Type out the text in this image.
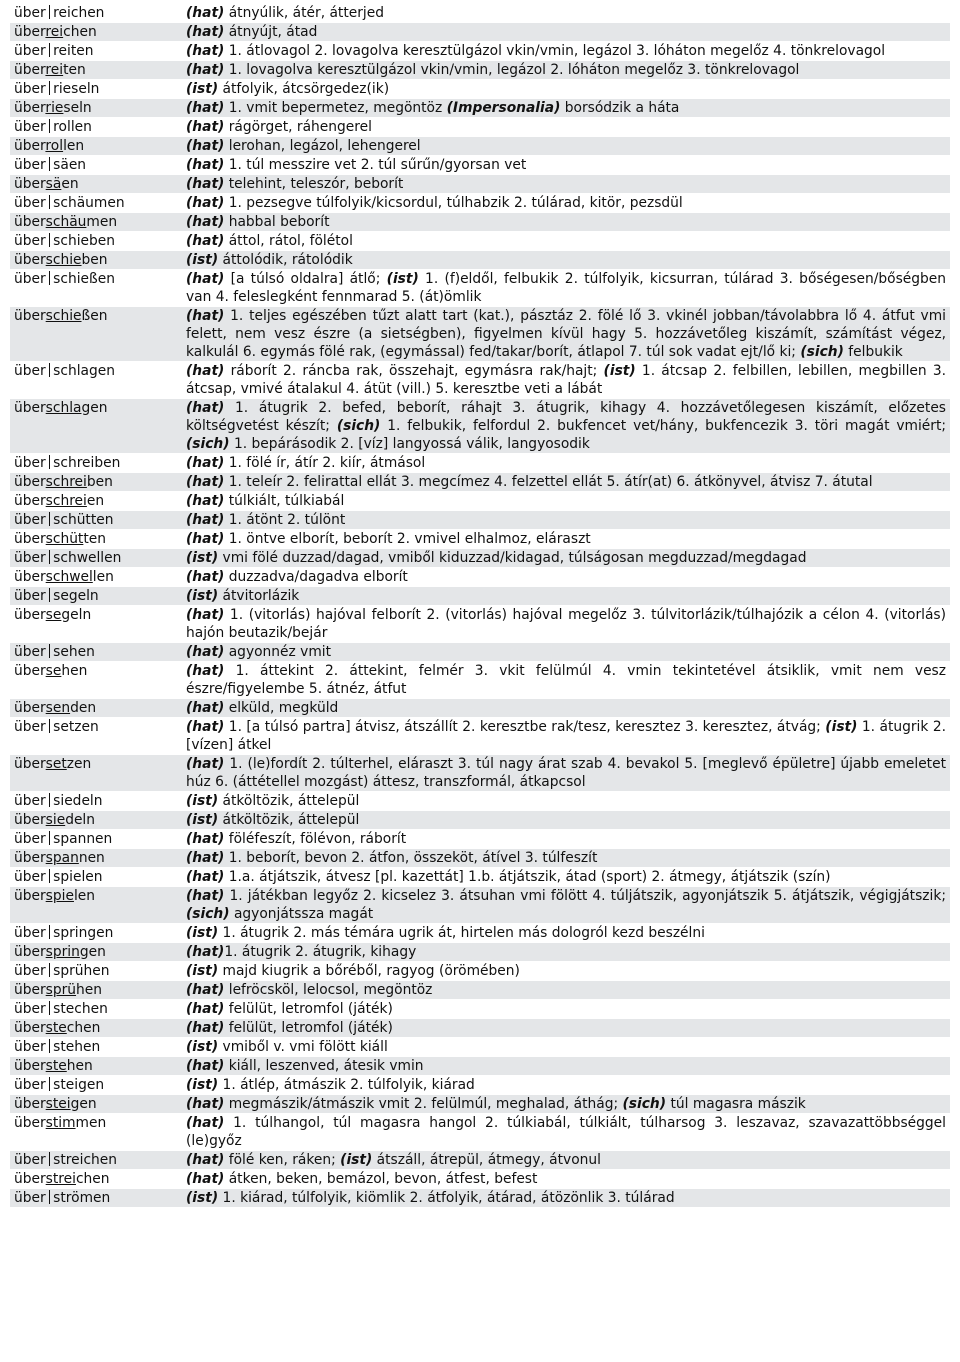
über reichen	(hat) átnyúlik, átér, átterjed
überreichen	(hat) átnyújt, átad
über reiten	(hat) 1. átlovagol 2. lovagolva keresztülgázol vkin/vmin, legázol 3. lóháton megelőz 4. tönkrelovagol
überreiten	(hat) 1. lovagolva keresztülgázol vkin/vmin, legázol 2. lóháton megelőz 3. tönkrelovagol
über rieseln	(ist) átfolyik, átcsörgedez(ik)
überrieseln	(hat) 1. vmit bepermetez, megöntöz (Impersonalia) borsódzik a háta
über rollen	(hat) rágörget, ráhengerel
überrollen	(hat) lerohan, legázol, lehengerel
über säen	(hat) 1. túl messzire vet 2. túl sűrűn/gyorsan vet
übersäen	(hat) telehint, teleszór, beborít
über schäumen	(hat) 1. pezsegve túlfolyik/kicsordul, túlhabzik 2. túlárad, kitör, pezsdül
überschäumen	(hat) habbal beborít
über schieben	(hat) áttol, rátol, fölétol
überschieben	(ist) áttolódik, rátolódik
über schießen	(hat) [a túlsó oldalra] átlő; (ist) 1. (f)eldől, felbukik 2. túlfolyik, kicsurran, túlárad 3. bőségesen/bőségben van 4. feleslegként fennmarad 5. (át)ömlik
überschießen	(hat) 1. teljes egészében tűzt alatt tart (kat.), pásztáz 2. fölé lő 3. vkinél jobban/távolabbra lő 4. átfut vmi felett, nem vesz észre (a sietségben), figyelmen kívül hagy 5. hozzávetőleg kiszámít, számítást végez, kalkulál 6. egymás fölé rak, (egymással) fed/takar/borít, átlapol 7. túl sok vadat ejt/lő ki; (sich) felbukik
über schlagen	(hat) ráborít 2. ráncba rak, összehajt, egymásra rak/hajt; (ist) 1. átcsap 2. felbillen, lebillen, megbillen 3. átcsap, vmivé átalakul 4. átüt (vill.) 5. keresztbe veti a lábát
überschlagen	(hat) 1. átugrik 2. befed, beborít, ráhajt 3. átugrik, kihagy 4. hozzávetőlegesen kiszámít, előzetes költségvetést készít; (sich) 1. felbukik, felfordul 2. bukfencet vet/hány, bukfencezik 3. töri magát vmiért; (sich) 1. bepárásodik 2. [víz] langyossá válik, langyosodik
über schreiben	(hat) 1. fölé ír, átír 2. kiír, átmásol
überschreiben	(hat) 1. teleír 2. felirattal ellát 3. megcímez 4. felzettel ellát 5. átír(at) 6. átkönyvel, átvisz 7. átutal
überschreien	(hat) túlkiált, túlkiabál
über schütten	(hat) 1. átönt 2. túlönt
überschütten	(hat) 1. öntve elborít, beborít 2. vmivel elhalmoz, eláraszt
über schwellen	(ist) vmi fölé duzzad/dagad, vmiből kiduzzad/kidagad, túlságosan megduzzad/megdagad
überschwellen	(hat) duzzadva/dagadva elborít
über segeln	(ist) átvitorlázik
übersegeln	(hat) 1. (vitorlás) hajóval felborít 2. (vitorlás) hajóval megelőz 3. túlvitorlázik/túlhajózik a célon 4. (vitorlás) hajón beutazik/bejár
über sehen	(hat) agyonnéz vmit
übersehen	(hat) 1. áttekint 2. áttekint, felmér 3. vkit felülmúl 4. vmin tekintetével átsiklik, vmit nem vesz észre/figyelembe 5. átnéz, átfut
übersenden	(hat) elküld, megküld
über setzen	(hat) 1. [a túlsó partra] átvisz, átszállít 2. keresztbe rak/tesz, keresztez 3. keresztez, átvág; (ist) 1. átugrik 2. [vízen] átkel
übersetzen	(hat) 1. (le)fordít 2. túlterhel, eláraszt 3. túl nagy árat szab 4. bevakol 5. [meglevő épületre] újabb emeletet húz 6. (áttétellel mozgást) áttesz, transzformál, átkapcsol
über siedeln	(ist) átköltözik, áttelepül
übersiedeln	(ist) átköltözik, áttelepül
über spannen	(hat) föléfeszít, fölévon, ráborít
überspannen	(hat) 1. beborít, bevon 2. átfon, összeköt, átível 3. túlfeszít
über spielen	(hat) 1.a. átjátszik, átvesz [pl. kazettát] 1.b. átjátszik, átad (sport) 2. átmegy, átjátszik (szín)
überspielen	(hat) 1. játékban legyőz 2. kicselez 3. átsuhan vmi fölött 4. túljátszik, agyonjátszik 5. átjátszik, végigjátszik; (sich) agyonjátssza magát
über springen	(ist) 1. átugrik 2. más témára ugrik át, hirtelen más dologról kezd beszélni
überspringen	(hat)1. átugrik 2. átugrik, kihagy
über sprühen	(ist) majd kiugrik a bőréből, ragyog (örömében)
übersprühen	(hat) lefröcsköl, lelocsol, megöntöz
über stechen	(hat) felülüt, letromfol (játék)
überstechen	(hat) felülüt, letromfol (játék)
über stehen	(ist) vmiből v. vmi fölött kiáll
überstehen	(hat) kiáll, leszenved, átesik vmin
über steigen	(ist) 1. átlép, átmászik 2. túlfolyik, kiárad
übersteigen	(hat) megmászik/átmászik vmit 2. felülmúl, meghalad, áthág; (sich) túl magasra mászik
überstimmen	(hat) 1. túlhangol, túl magasra hangol 2. túlkiabál, túlkiált, túlharsog 3. leszavaz, szavazattöbbséggel (le)győz
über streichen	(hat) fölé ken, ráken; (ist) átszáll, átrepül, átmegy, átvonul
überstreichen	(hat) átken, beken, bemázol, bevon, átfest, befest
über strömen	(ist) 1. kiárad, túlfolyik, kiömlik 2. átfolyik, átárad, átözönlik 3. túlárad
